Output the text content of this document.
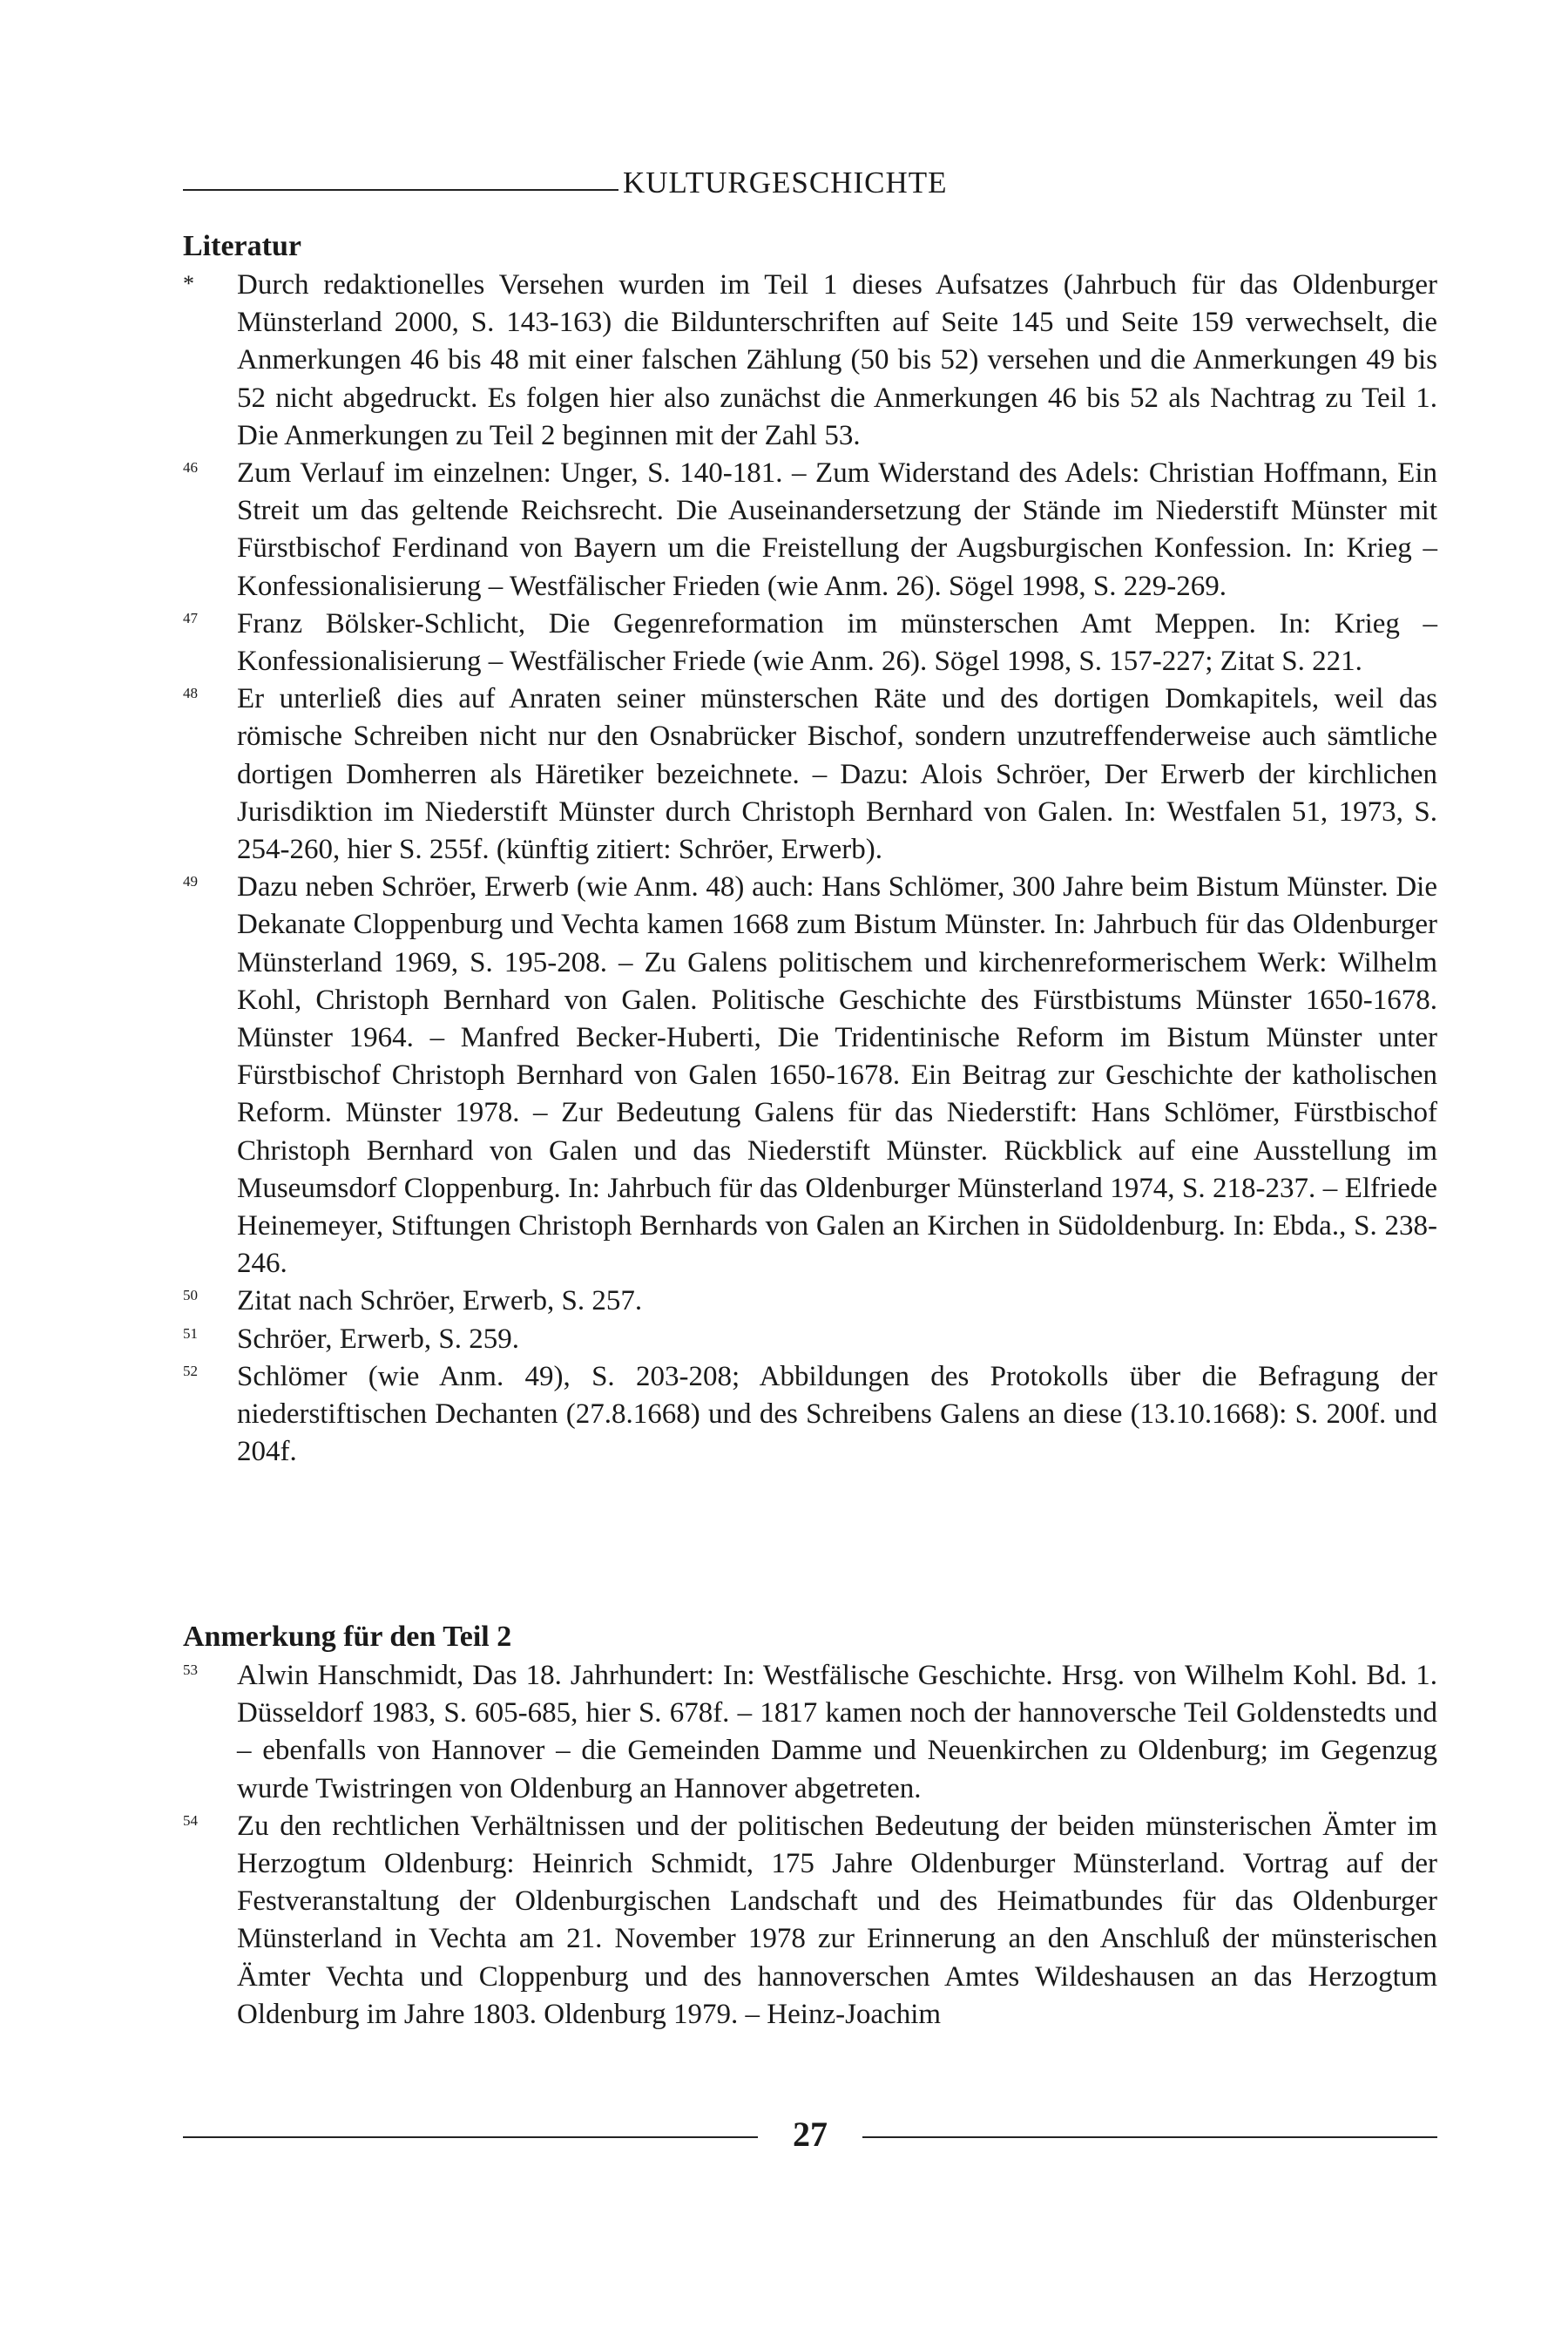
KULTURGESCHICHTE
Literatur
*	Durch redaktionelles Versehen wurden im Teil 1 dieses Aufsatzes (Jahrbuch für das Oldenburger Münsterland 2000, S. 143-163) die Bildunterschriften auf Seite 145 und Seite 159 verwechselt, die Anmerkungen 46 bis 48 mit einer falschen Zählung (50 bis 52) versehen und die Anmerkungen 49 bis 52 nicht abgedruckt. Es folgen hier also zunächst die Anmerkungen 46 bis 52 als Nachtrag zu Teil 1. Die Anmerkungen zu Teil 2 beginnen mit der Zahl 53.
46	Zum Verlauf im einzelnen: Unger, S. 140-181. – Zum Widerstand des Adels: Christian Hoffmann, Ein Streit um das geltende Reichsrecht. Die Auseinandersetzung der Stände im Niederstift Münster mit Fürstbischof Ferdinand von Bayern um die Freistellung der Augsburgischen Konfession. In: Krieg – Konfessionalisierung – Westfälischer Frieden (wie Anm. 26). Sögel 1998, S. 229-269.
47	Franz Bölsker-Schlicht, Die Gegenreformation im münsterschen Amt Meppen. In: Krieg – Konfessionalisierung – Westfälischer Friede (wie Anm. 26). Sögel 1998, S. 157-227; Zitat S. 221.
48	Er unterließ dies auf Anraten seiner münsterschen Räte und des dortigen Domkapitels, weil das römische Schreiben nicht nur den Osnabrücker Bischof, sondern unzutreffenderweise auch sämtliche dortigen Domherren als Häretiker bezeichnete. – Dazu: Alois Schröer, Der Erwerb der kirchlichen Jurisdiktion im Niederstift Münster durch Christoph Bernhard von Galen. In: Westfalen 51, 1973, S. 254-260, hier S. 255f. (künftig zitiert: Schröer, Erwerb).
49	Dazu neben Schröer, Erwerb (wie Anm. 48) auch: Hans Schlömer, 300 Jahre beim Bistum Münster. Die Dekanate Cloppenburg und Vechta kamen 1668 zum Bistum Münster. In: Jahrbuch für das Oldenburger Münsterland 1969, S. 195-208. – Zu Galens politischem und kirchenreformerischem Werk: Wilhelm Kohl, Christoph Bernhard von Galen. Politische Geschichte des Fürstbistums Münster 1650-1678. Münster 1964. – Manfred Becker-Huberti, Die Tridentinische Reform im Bistum Münster unter Fürstbischof Christoph Bernhard von Galen 1650-1678. Ein Beitrag zur Geschichte der katholischen Reform. Münster 1978. – Zur Bedeutung Galens für das Niederstift: Hans Schlömer, Fürstbischof Christoph Bernhard von Galen und das Niederstift Münster. Rückblick auf eine Ausstellung im Museumsdorf Cloppenburg. In: Jahrbuch für das Oldenburger Münsterland 1974, S. 218-237. – Elfriede Heinemeyer, Stiftungen Christoph Bernhards von Galen an Kirchen in Südoldenburg. In: Ebda., S. 238-246.
50	Zitat nach Schröer, Erwerb, S. 257.
51	Schröer, Erwerb, S. 259.
52	Schlömer (wie Anm. 49), S. 203-208; Abbildungen des Protokolls über die Befragung der niederstiftischen Dechanten (27.8.1668) und des Schreibens Galens an diese (13.10.1668): S. 200f. und 204f.
Anmerkung für den Teil 2
53	Alwin Hanschmidt, Das 18. Jahrhundert: In: Westfälische Geschichte. Hrsg. von Wilhelm Kohl. Bd. 1. Düsseldorf 1983, S. 605-685, hier S. 678f. – 1817 kamen noch der hannoversche Teil Goldenstedts und – ebenfalls von Hannover – die Gemeinden Damme und Neuenkirchen zu Oldenburg; im Gegenzug wurde Twistringen von Oldenburg an Hannover abgetreten.
54	Zu den rechtlichen Verhältnissen und der politischen Bedeutung der beiden münsterischen Ämter im Herzogtum Oldenburg: Heinrich Schmidt, 175 Jahre Oldenburger Münsterland. Vortrag auf der Festveranstaltung der Oldenburgischen Landschaft und des Heimatbundes für das Oldenburger Münsterland in Vechta am 21. November 1978 zur Erinnerung an den Anschluß der münsterischen Ämter Vechta und Cloppenburg und des hannoverschen Amtes Wildeshausen an das Herzogtum Oldenburg im Jahre 1803. Oldenburg 1979. – Heinz-Joachim
27
